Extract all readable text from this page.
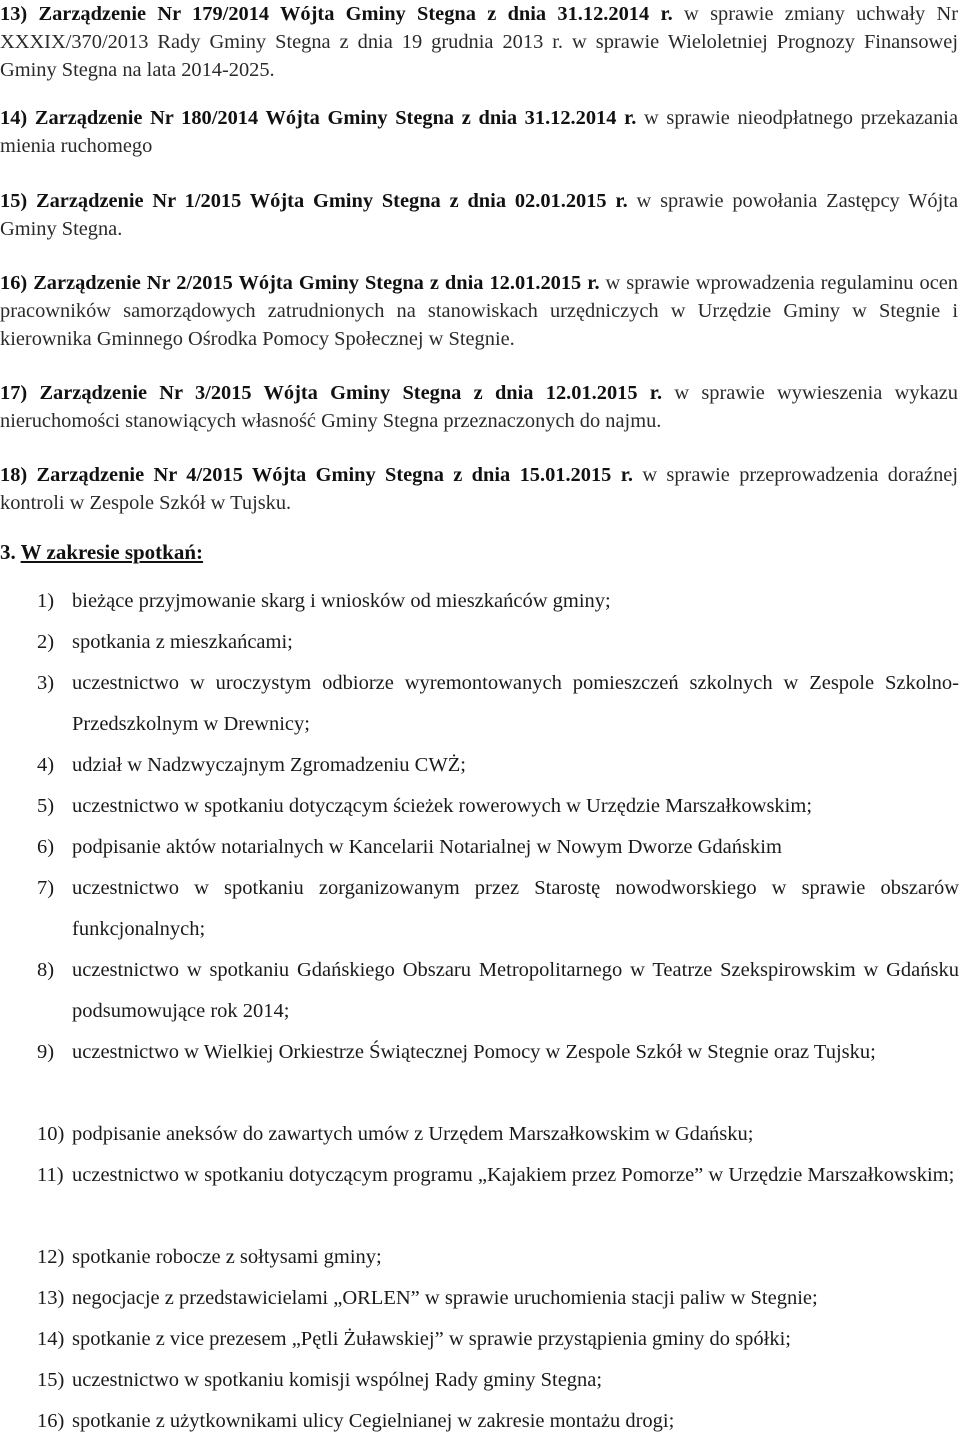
13) Zarządzenie Nr 179/2014 Wójta Gminy Stegna z dnia 31.12.2014 r. w sprawie zmiany uchwały Nr XXXIX/370/2013 Rady Gminy Stegna z dnia 19 grudnia 2013 r. w sprawie Wieloletniej Prognozy Finansowej Gminy Stegna na lata 2014-2025.
14) Zarządzenie Nr 180/2014 Wójta Gminy Stegna z dnia 31.12.2014 r. w sprawie nieodpłatnego przekazania mienia ruchomego
15) Zarządzenie Nr 1/2015 Wójta Gminy Stegna z dnia 02.01.2015 r. w sprawie powołania Zastępcy Wójta Gminy Stegna.
16) Zarządzenie Nr 2/2015 Wójta Gminy Stegna z dnia 12.01.2015 r. w sprawie wprowadzenia regulaminu ocen pracowników samorządowych zatrudnionych na stanowiskach urzędniczych w Urzędzie Gminy w Stegnie i kierownika Gminnego Ośrodka Pomocy Społecznej w Stegnie.
17) Zarządzenie Nr 3/2015 Wójta Gminy Stegna z dnia 12.01.2015 r. w sprawie wywieszenia wykazu nieruchomości stanowiących własność Gminy Stegna przeznaczonych do najmu.
18) Zarządzenie Nr 4/2015 Wójta Gminy Stegna z dnia 15.01.2015 r. w sprawie przeprowadzenia doraźnej kontroli w Zespole Szkół w Tujsku.
3. W zakresie spotkań:
1) bieżące przyjmowanie skarg i wniosków od mieszkańców gminy;
2) spotkania z mieszkańcami;
3) uczestnictwo w uroczystym odbiorze wyremontowanych pomieszczeń szkolnych w Zespole Szkolno-Przedszkolnym w Drewnicy;
4) udział w Nadzwyczajnym Zgromadzeniu CWŻ;
5) uczestnictwo w spotkaniu dotyczącym ścieżek rowerowych w Urzędzie Marszałkowskim;
6) podpisanie aktów notarialnych w Kancelarii Notarialnej w Nowym Dworze Gdańskim
7) uczestnictwo w spotkaniu zorganizowanym przez Starostę nowodworskiego w sprawie obszarów funkcjonalnych;
8) uczestnictwo w spotkaniu Gdańskiego Obszaru Metropolitarnego w Teatrze Szekspirowskim w Gdańsku podsumowujące rok 2014;
9) uczestnictwo w Wielkiej Orkiestrze Świątecznej Pomocy w Zespole Szkół w Stegnie oraz Tujsku;
10) podpisanie aneksów do zawartych umów z Urzędem Marszałkowskim w Gdańsku;
11) uczestnictwo w spotkaniu dotyczącym programu „Kajakiem przez Pomorze” w Urzędzie Marszałkowskim;
12) spotkanie robocze z sołtysami gminy;
13) negocjacje z przedstawicielami „ORLEN” w sprawie uruchomienia stacji paliw w Stegnie;
14) spotkanie z vice prezesem „Pętli Żuławskiej” w sprawie przystąpienia gminy do spółki;
15) uczestnictwo w spotkaniu komisji wspólnej Rady gminy Stegna;
16) spotkanie z użytkownikami ulicy Cegielnianej w zakresie montażu drogi;
